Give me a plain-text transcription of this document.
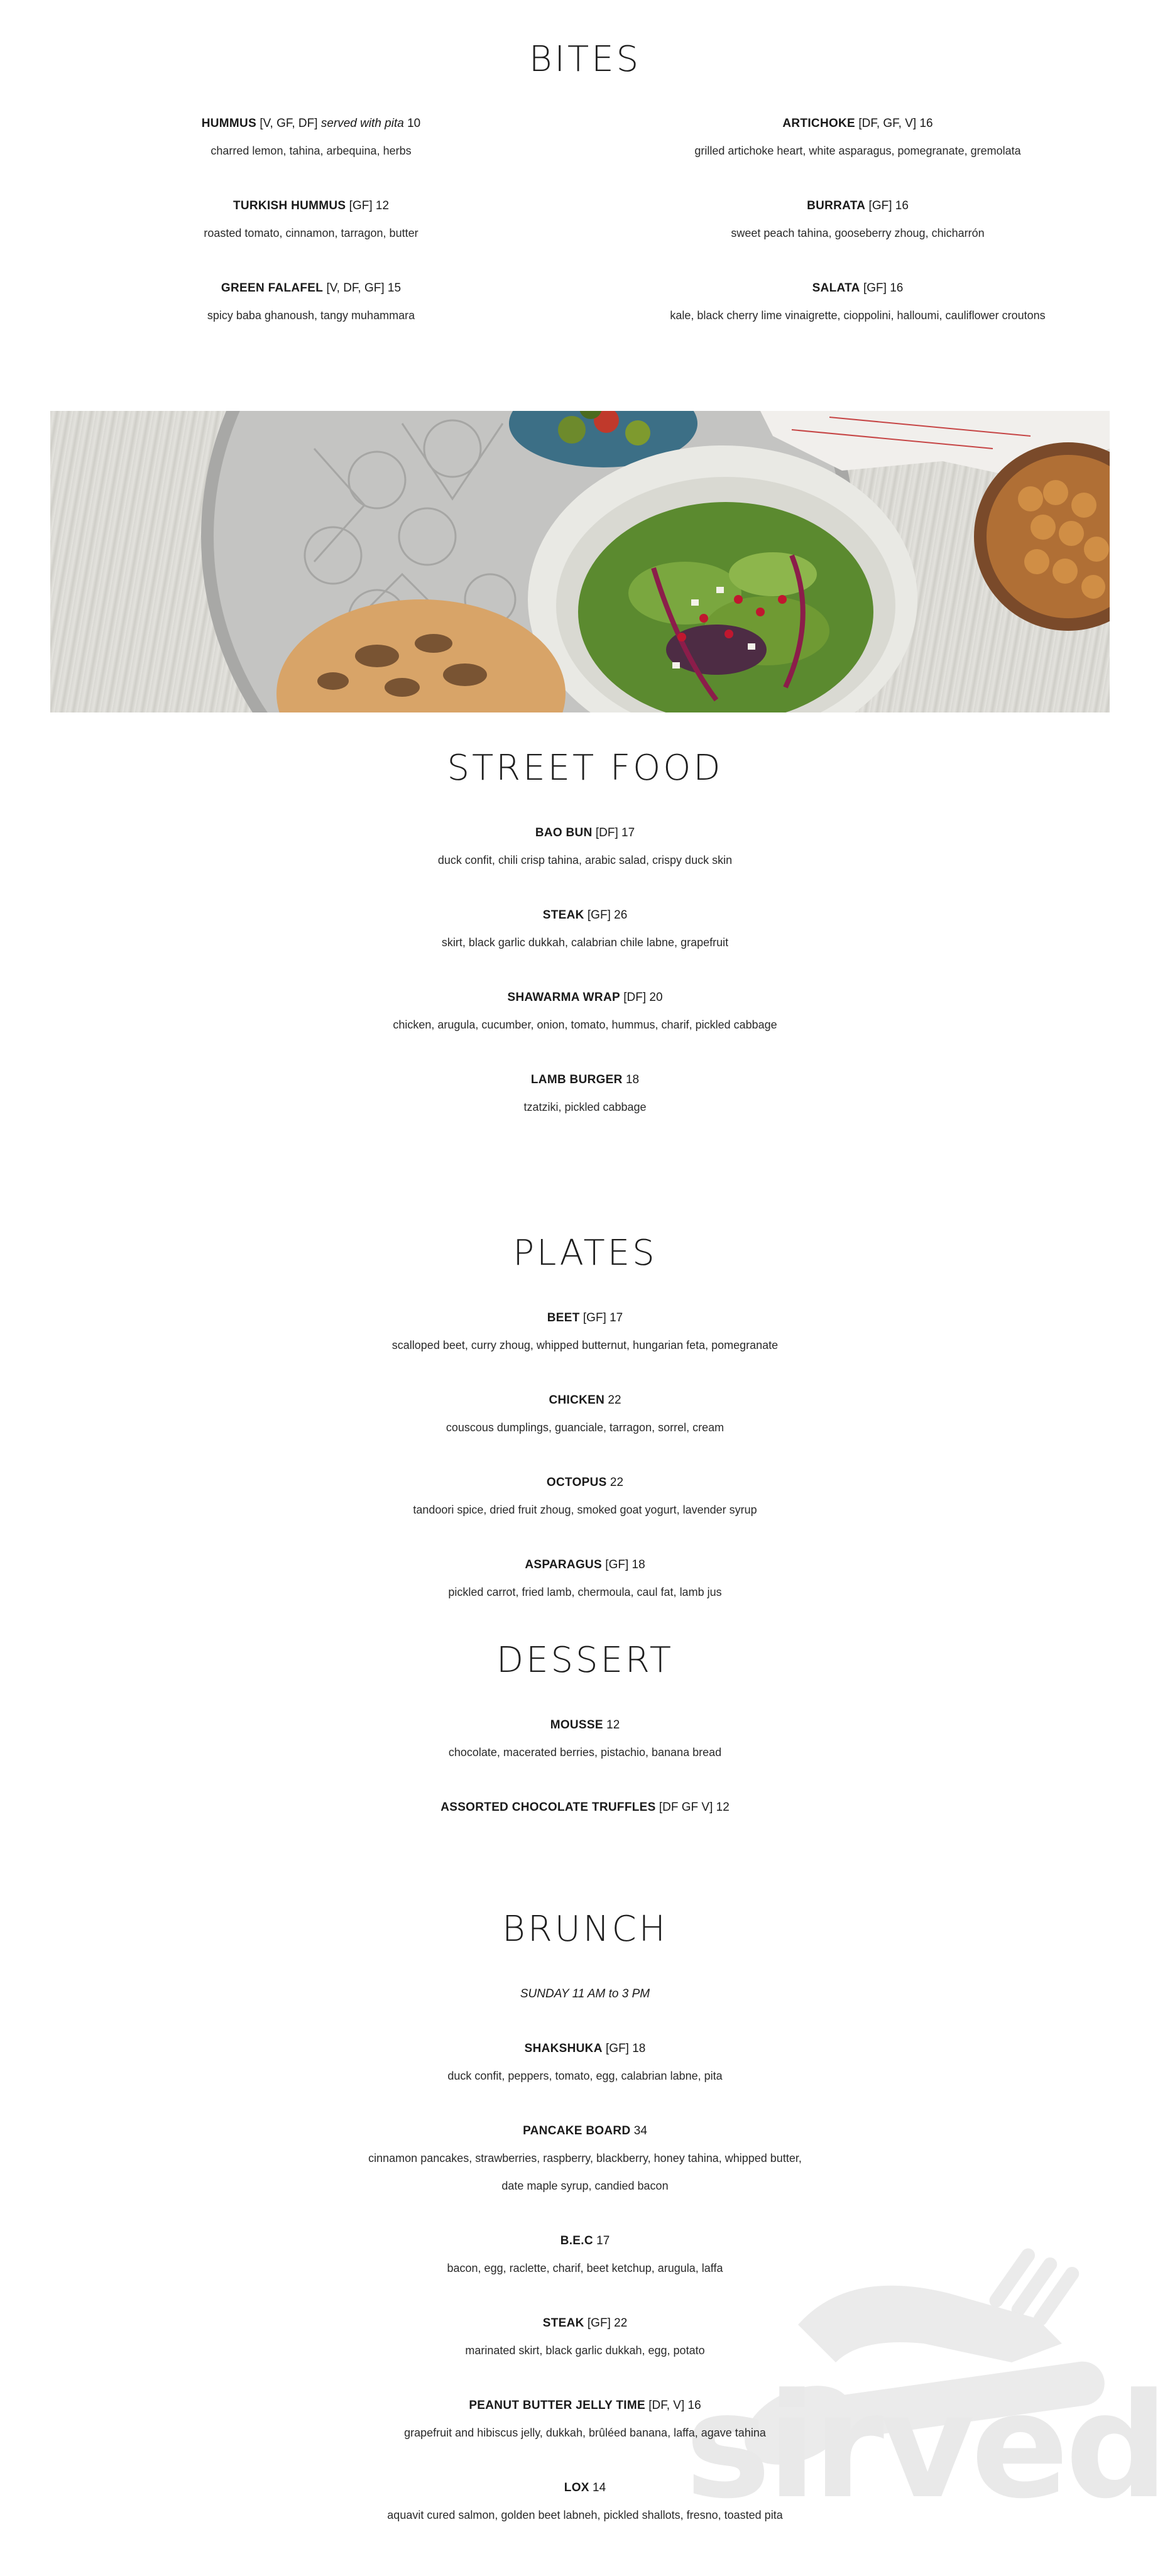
BITES

HUMMUS [V, GF, DF] served with pita 10

charred lemon, tahina, arbequina, herbs

TURKISH HUMMUS [GF] 12

roasted tomato, cinnamon, tarragon, butter

GREEN FALAFEL [V, DF, GF] 15

spicy baba ghanoush, tangy muhammara

ARTICHOKE [DF, GF, V] 16

grilled artichoke heart, white asparagus, pomegranate, gremolata

BURRATA [GF] 16

sweet peach tahina, gooseberry zhoug, chicharrón

SALATA [GF] 16

kale, black cherry lime vinaigrette, cioppolini, halloumi, cauliflower croutons

STREET FOOD

BAO BUN [DF] 17

duck confit, chili crisp tahina, arabic salad, crispy duck skin

STEAK [GF] 26

skirt, black garlic dukkah, calabrian chile labne, grapefruit

SHAWARMA WRAP [DF] 20

chicken, arugula, cucumber, onion, tomato, hummus, charif, pickled cabbage

LAMB BURGER 18

tzatziki, pickled cabbage

PLATES

BEET [GF] 17

scalloped beet, curry zhoug, whipped butternut, hungarian feta, pomegranate

CHICKEN 22

couscous dumplings, guanciale, tarragon, sorrel, cream

OCTOPUS 22

tandoori spice, dried fruit zhoug, smoked goat yogurt, lavender syrup

ASPARAGUS [GF] 18

pickled carrot, fried lamb, chermoula, caul fat, lamb jus

DESSERT

MOUSSE 12

chocolate, macerated berries, pistachio, banana bread

ASSORTED CHOCOLATE TRUFFLES [DF GF V] 12

sirved
BRUNCH

SUNDAY 11 AM to 3 PM

SHAKSHUKA [GF] 18

duck confit, peppers, tomato, egg, calabrian labne, pita

PANCAKE BOARD 34

cinnamon pancakes, strawberries, raspberry, blackberry, honey tahina, whipped butter,

date maple syrup, candied bacon

B.E.C 17

bacon, egg, raclette, charif, beet ketchup, arugula, laffa

STEAK [GF] 22

marinated skirt, black garlic dukkah, egg, potato

PEANUT BUTTER JELLY TIME [DF, V] 16

grapefruit and hibiscus jelly, dukkah, brûléed banana, laffa, agave tahina

LOX 14

aquavit cured salmon, golden beet labneh, pickled shallots, fresno, toasted pita
